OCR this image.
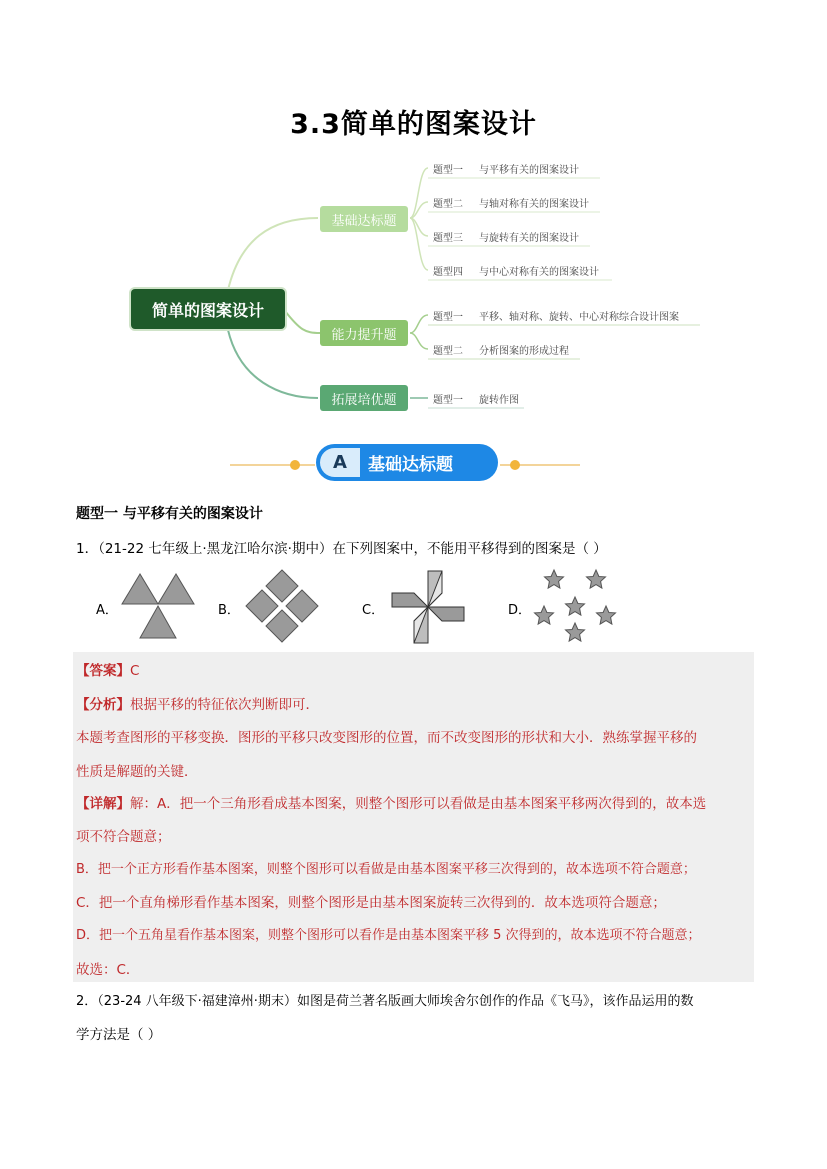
3.3简单的图案设计
简单的图案设计
基础达标题
能力提升题
拓展培优题
题型一 与平移有关的图案设计
题型二 与轴对称有关的图案设计
题型三 与旋转有关的图案设计
题型四 与中心对称有关的图案设计
题型一 平移、轴对称、旋转、中心对称综合设计图案
题型二 分析图案的形成过程
题型一 旋转作图
A	基础达标题
题型一 与平移有关的图案设计
1．（21-22 七年级上·黑龙江哈尔滨·期中）在下列图案中，不能用平移得到的图案是（ ）
A．	B．	C．	D．
【答案】C
【分析】根据平移的特征依次判断即可．
本题考查图形的平移变换．图形的平移只改变图形的位置，而不改变图形的形状和大小．熟练掌握平移的
性质是解题的关键．
【详解】解：A．把一个三角形看成基本图案，则整个图形可以看做是由基本图案平移两次得到的，故本选
项不符合题意；
B．把一个正方形看作基本图案，则整个图形可以看做是由基本图案平移三次得到的，故本选项不符合题意；
C．把一个直角梯形看作基本图案，则整个图形是由基本图案旋转三次得到的．故本选项符合题意；
D．把一个五角星看作基本图案，则整个图形可以看作是由基本图案平移 5 次得到的，故本选项不符合题意；
故选：C．
2．（23-24 八年级下·福建漳州·期末）如图是荷兰著名版画大师埃舍尔创作的作品《飞马》，该作品运用的数
学方法是（ ）
